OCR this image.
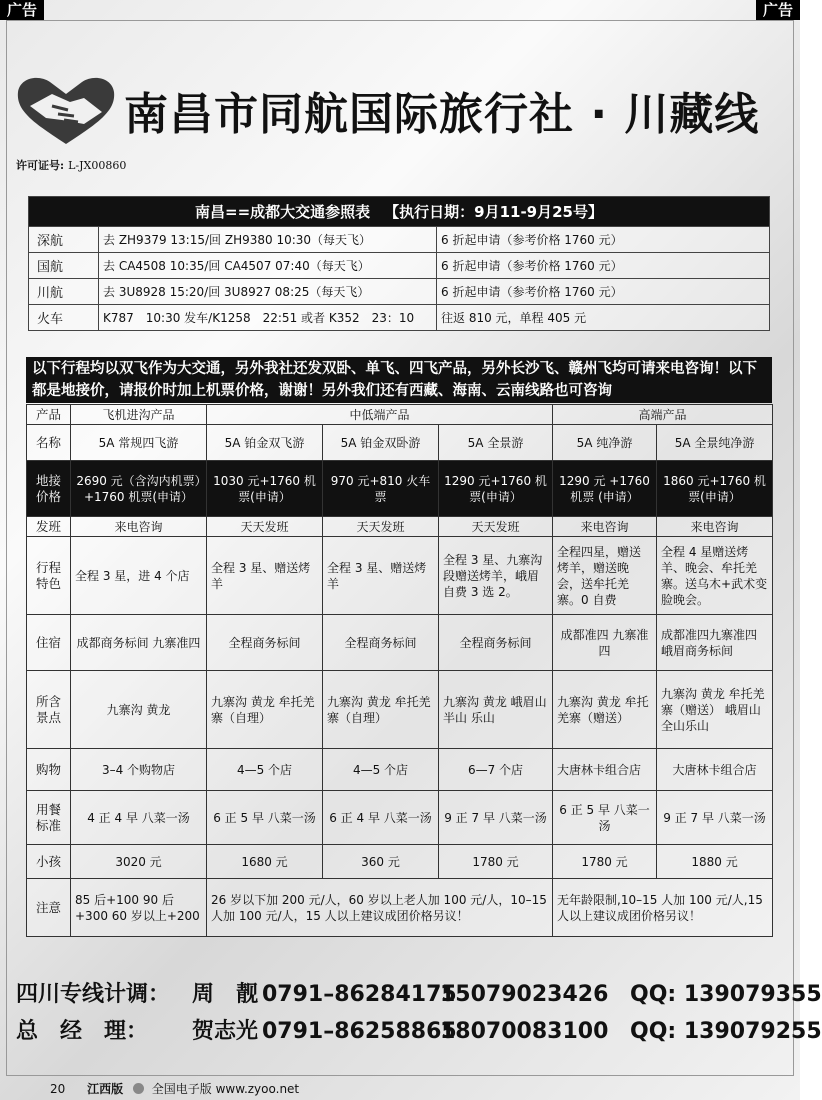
广告	广告
南昌市同航国际旅行社 · 川藏线
许可证号: L-JX00860
南昌==成都大交通参照表 【执行日期：9月11-9月25号】		
深航	去 ZH9379 13:15/回 ZH9380 10:30（每天飞）	6 折起申请（参考价格 1760 元）
国航	去 CA4508 10:35/回 CA4507 07:40（每天飞）	6 折起申请（参考价格 1760 元）
川航	去 3U8928 15:20/回 3U8927 08:25（每天飞）	6 折起申请（参考价格 1760 元）
火车	K787　10:30 发车/K1258　22:51 或者 K352　23：10	往返 810 元，单程 405 元
以下行程均以双飞作为大交通，另外我社还发双卧、单飞、四飞产品，另外长沙飞、赣州飞均可请来电咨询！以下都是地接价，请报价时加上机票价格，谢谢！另外我们还有西藏、海南、云南线路也可咨询
产品	飞机进沟产品	中低端产品			高端产品	
名称	5A 常规四飞游	5A 铂金双飞游	5A 铂金双卧游	5A 全景游	5A 纯净游	5A 全景纯净游
地接价格	2690 元（含沟内机票）+1760 机票(申请）	1030 元+1760 机票(申请）	970 元+810 火车票	1290 元+1760 机票(申请）	1290 元 +1760 机票 (申请）	1860 元+1760 机票(申请）
发班	来电咨询	天天发班	天天发班	天天发班	来电咨询	来电咨询
行程特色	全程 3 星，进 4 个店	全程 3 星、赠送烤羊	全程 3 星、赠送烤羊	全程 3 星、九寨沟段赠送烤羊，峨眉自费 3 选 2。	全程四星，赠送烤羊，赠送晚会，送牟托羌寨。0 自费	全程 4 星赠送烤羊、晚会、牟托羌寨。送乌木+武术变脸晚会。
住宿	成都商务标间 九寨准四	全程商务标间	全程商务标间	全程商务标间	成都准四 九寨准四	成都准四九寨准四　峨眉商务标间
所含景点	九寨沟 黄龙	九寨沟 黄龙 牟托羌寨（自理）	九寨沟 黄龙 牟托羌寨（自理）	九寨沟 黄龙 峨眉山半山 乐山	九寨沟 黄龙 牟托羌寨（赠送）	九寨沟 黄龙 牟托羌寨（赠送） 峨眉山全山乐山
购物	3–4 个购物店	4—5 个店	4—5 个店	6—7 个店	大唐林卡组合店	大唐林卡组合店
用餐标准	4 正 4 早 八菜一汤	6 正 5 早 八菜一汤	6 正 4 早 八菜一汤	9 正 7 早 八菜一汤	6 正 5 早 八菜一汤	9 正 7 早 八菜一汤
小孩	3020 元	1680 元	360 元	1780 元	1780 元	1880 元
注意	85 后+100 90 后+300 60 岁以上+200	26 岁以下加 200 元/人，60 岁以上老人加 100 元/人，10–15 人加 100 元/人，15 人以上建议成团价格另议！			无年龄限制,10–15 人加 100 元/人,15 人以上建议成团价格另议！	
四川专线计调： 周　靓 0791–8628417515079023426 QQ: 139079355
总　经　理： 贺志光 0791–8625886518070083100 QQ: 139079255
20 江西版 全国电子版 www.zyoo.net
